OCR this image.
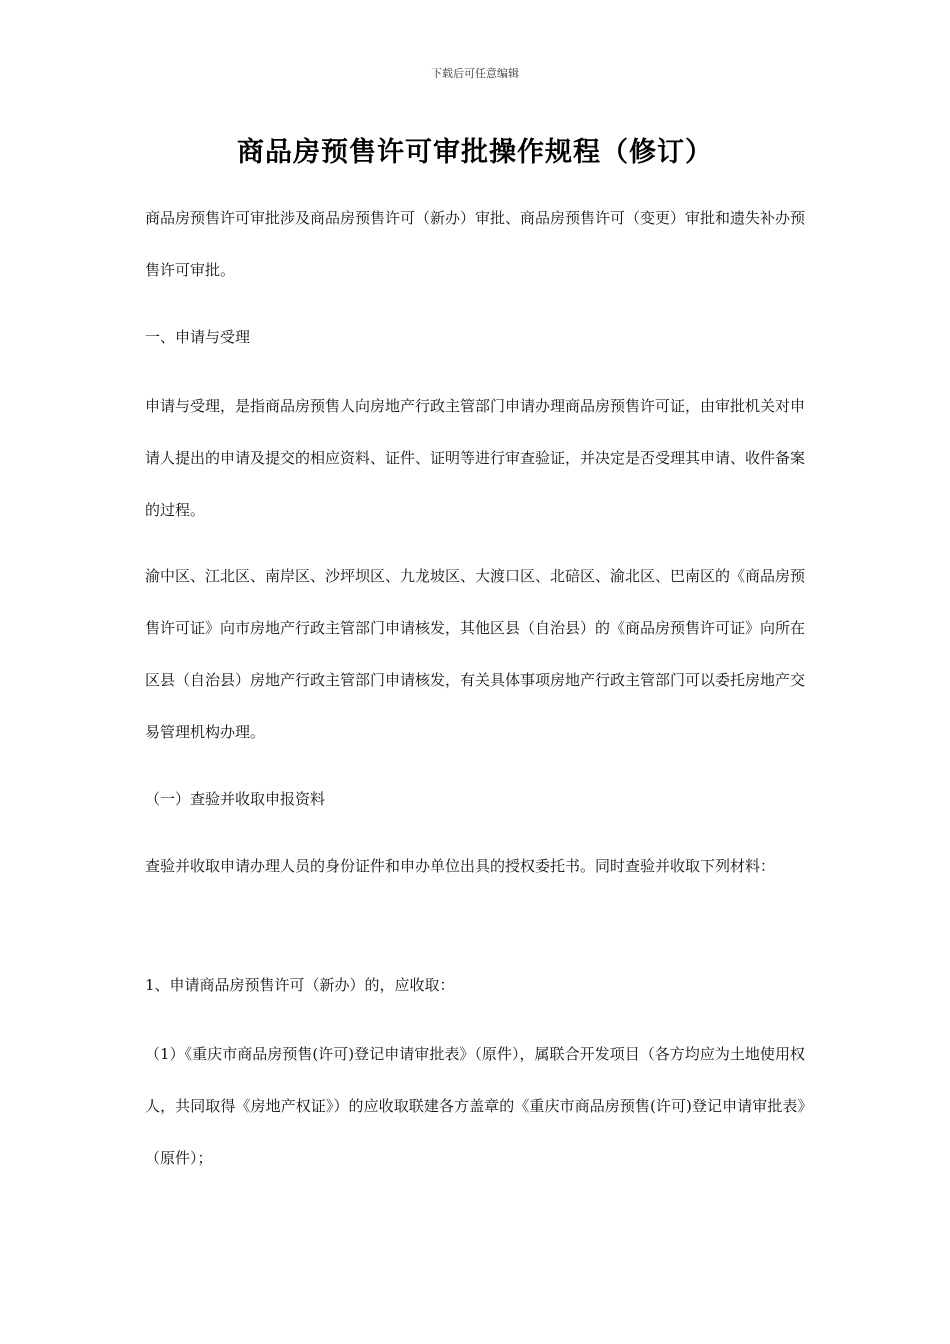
下载后可任意编辑
商品房预售许可审批操作规程（修订）
商品房预售许可审批涉及商品房预售许可（新办）审批、商品房预售许可（变更）审批和遗失补办预售许可审批。
一、申请与受理
申请与受理，是指商品房预售人向房地产行政主管部门申请办理商品房预售许可证，由审批机关对申请人提出的申请及提交的相应资料、证件、证明等进行审查验证，并决定是否受理其申请、收件备案的过程。
渝中区、江北区、南岸区、沙坪坝区、九龙坡区、大渡口区、北碚区、渝北区、巴南区的《商品房预售许可证》向市房地产行政主管部门申请核发，其他区县（自治县）的《商品房预售许可证》向所在区县（自治县）房地产行政主管部门申请核发，有关具体事项房地产行政主管部门可以委托房地产交易管理机构办理。
（一）查验并收取申报资料
查验并收取申请办理人员的身份证件和申办单位出具的授权委托书。同时查验并收取下列材料：
1、申请商品房预售许可（新办）的，应收取：
（1）《重庆市商品房预售(许可)登记申请审批表》（原件），属联合开发项目（各方均应为土地使用权人，共同取得《房地产权证》）的应收取联建各方盖章的《重庆市商品房预售(许可)登记申请审批表》（原件）；
